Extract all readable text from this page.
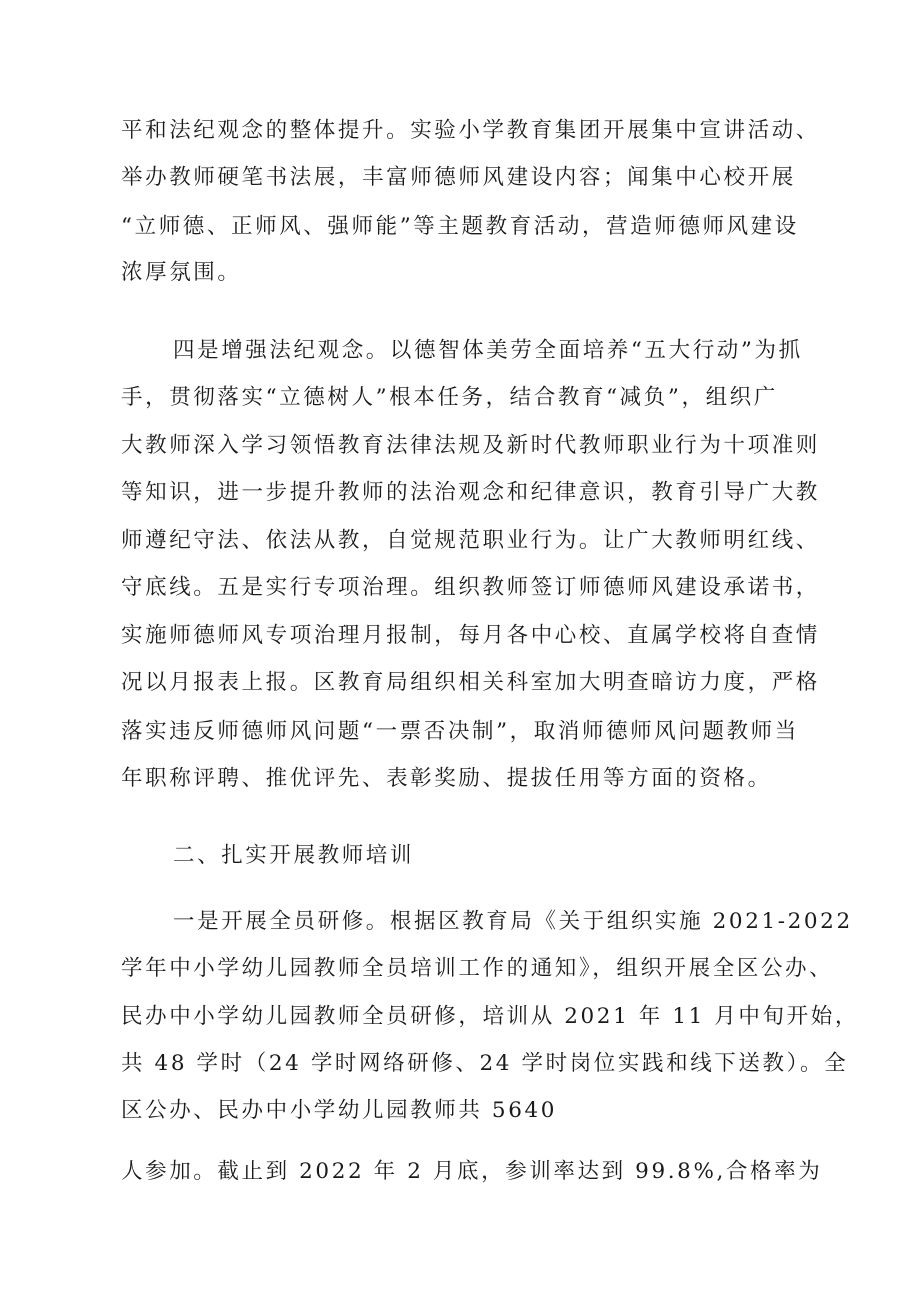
平和法纪观念的整体提升。实验小学教育集团开展集中宣讲活动、
举办教师硬笔书法展，丰富师德师风建设内容；闻集中心校开展
“立师德、正师风、强师能”等主题教育活动，营造师德师风建设
浓厚氛围。
四是增强法纪观念。以德智体美劳全面培养“五大行动”为抓
手，贯彻落实“立德树人”根本任务，结合教育“减负”，组织广
大教师深入学习领悟教育法律法规及新时代教师职业行为十项准则
等知识，进一步提升教师的法治观念和纪律意识，教育引导广大教
师遵纪守法、依法从教，自觉规范职业行为。让广大教师明红线、
守底线。五是实行专项治理。组织教师签订师德师风建设承诺书，
实施师德师风专项治理月报制，每月各中心校、直属学校将自查情
况以月报表上报。区教育局组织相关科室加大明查暗访力度，严格
落实违反师德师风问题“一票否决制”，取消师德师风问题教师当
年职称评聘、推优评先、表彰奖励、提拔任用等方面的资格。
二、扎实开展教师培训
一是开展全员研修。根据区教育局《关于组织实施 2021-2022
学年中小学幼儿园教师全员培训工作的通知》，组织开展全区公办、
民办中小学幼儿园教师全员研修，培训从 2021 年 11 月中旬开始，
共 48 学时（24 学时网络研修、24 学时岗位实践和线下送教）。全
区公办、民办中小学幼儿园教师共 5640
人参加。截止到 2022 年 2 月底，参训率达到 99.8%,合格率为
